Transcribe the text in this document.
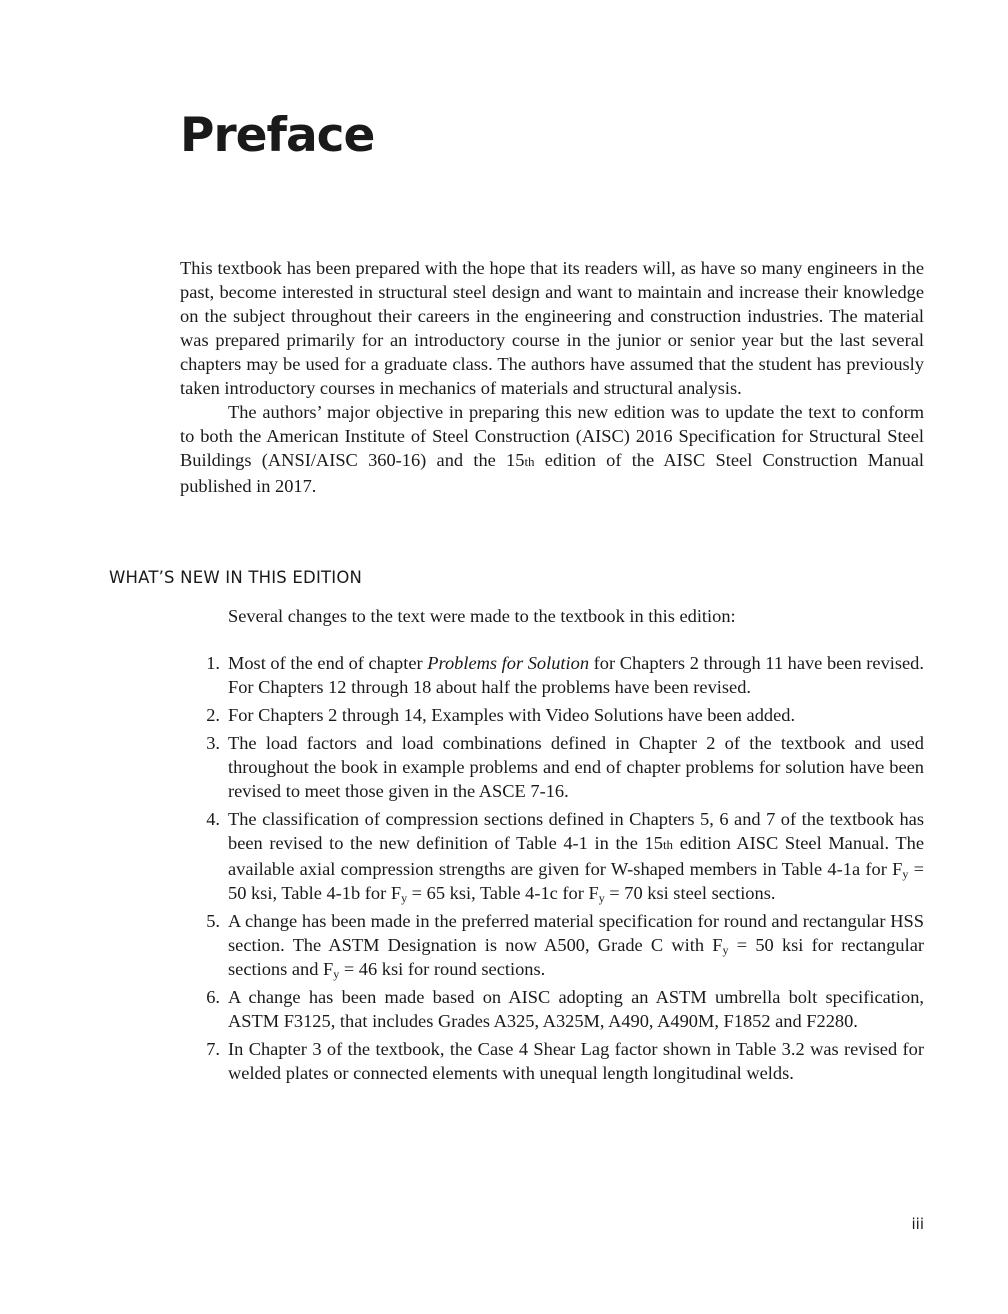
Preface

This textbook has been prepared with the hope that its readers will, as have so many engineers in the past, become interested in structural steel design and want to maintain and increase their knowledge on the subject throughout their careers in the engineering and construction industries. The material was prepared primarily for an introductory course in the junior or senior year but the last several chapters may be used for a graduate class. The authors have assumed that the student has previously taken introductory courses in mechanics of materials and structural analysis.

The authors’ major objective in preparing this new edition was to update the text to conform to both the American Institute of Steel Construction (AISC) 2016 Specification for Structural Steel Buildings (ANSI/AISC 360-16) and the 15th edition of the AISC Steel Construction Manual published in 2017.

WHAT’S NEW IN THIS EDITION

Several changes to the text were made to the textbook in this edition:

1. Most of the end of chapter Problems for Solution for Chapters 2 through 11 have been revised. For Chapters 12 through 18 about half the problems have been revised.
2. For Chapters 2 through 14, Examples with Video Solutions have been added.
3. The load factors and load combinations defined in Chapter 2 of the textbook and used throughout the book in example problems and end of chapter problems for solution have been revised to meet those given in the ASCE 7-16.
4. The classification of compression sections defined in Chapters 5, 6 and 7 of the textbook has been revised to the new definition of Table 4-1 in the 15th edition AISC Steel Manual. The available axial compression strengths are given for W-shaped members in Table 4-1a for $F_y = 50$ ksi, Table 4-1b for $F_y = 65$ ksi, Table 4-1c for $F_y = 70$ ksi steel sections.
5. A change has been made in the preferred material specification for round and rectangular HSS section. The ASTM Designation is now A500, Grade C with $F_y = 50$ ksi for rectangular sections and $F_y = 46$ ksi for round sections.
6. A change has been made based on AISC adopting an ASTM umbrella bolt specification, ASTM F3125, that includes Grades A325, A325M, A490, A490M, F1852 and F2280.
7. In Chapter 3 of the textbook, the Case 4 Shear Lag factor shown in Table 3.2 was revised for welded plates or connected elements with unequal length longitudinal welds.
iii
